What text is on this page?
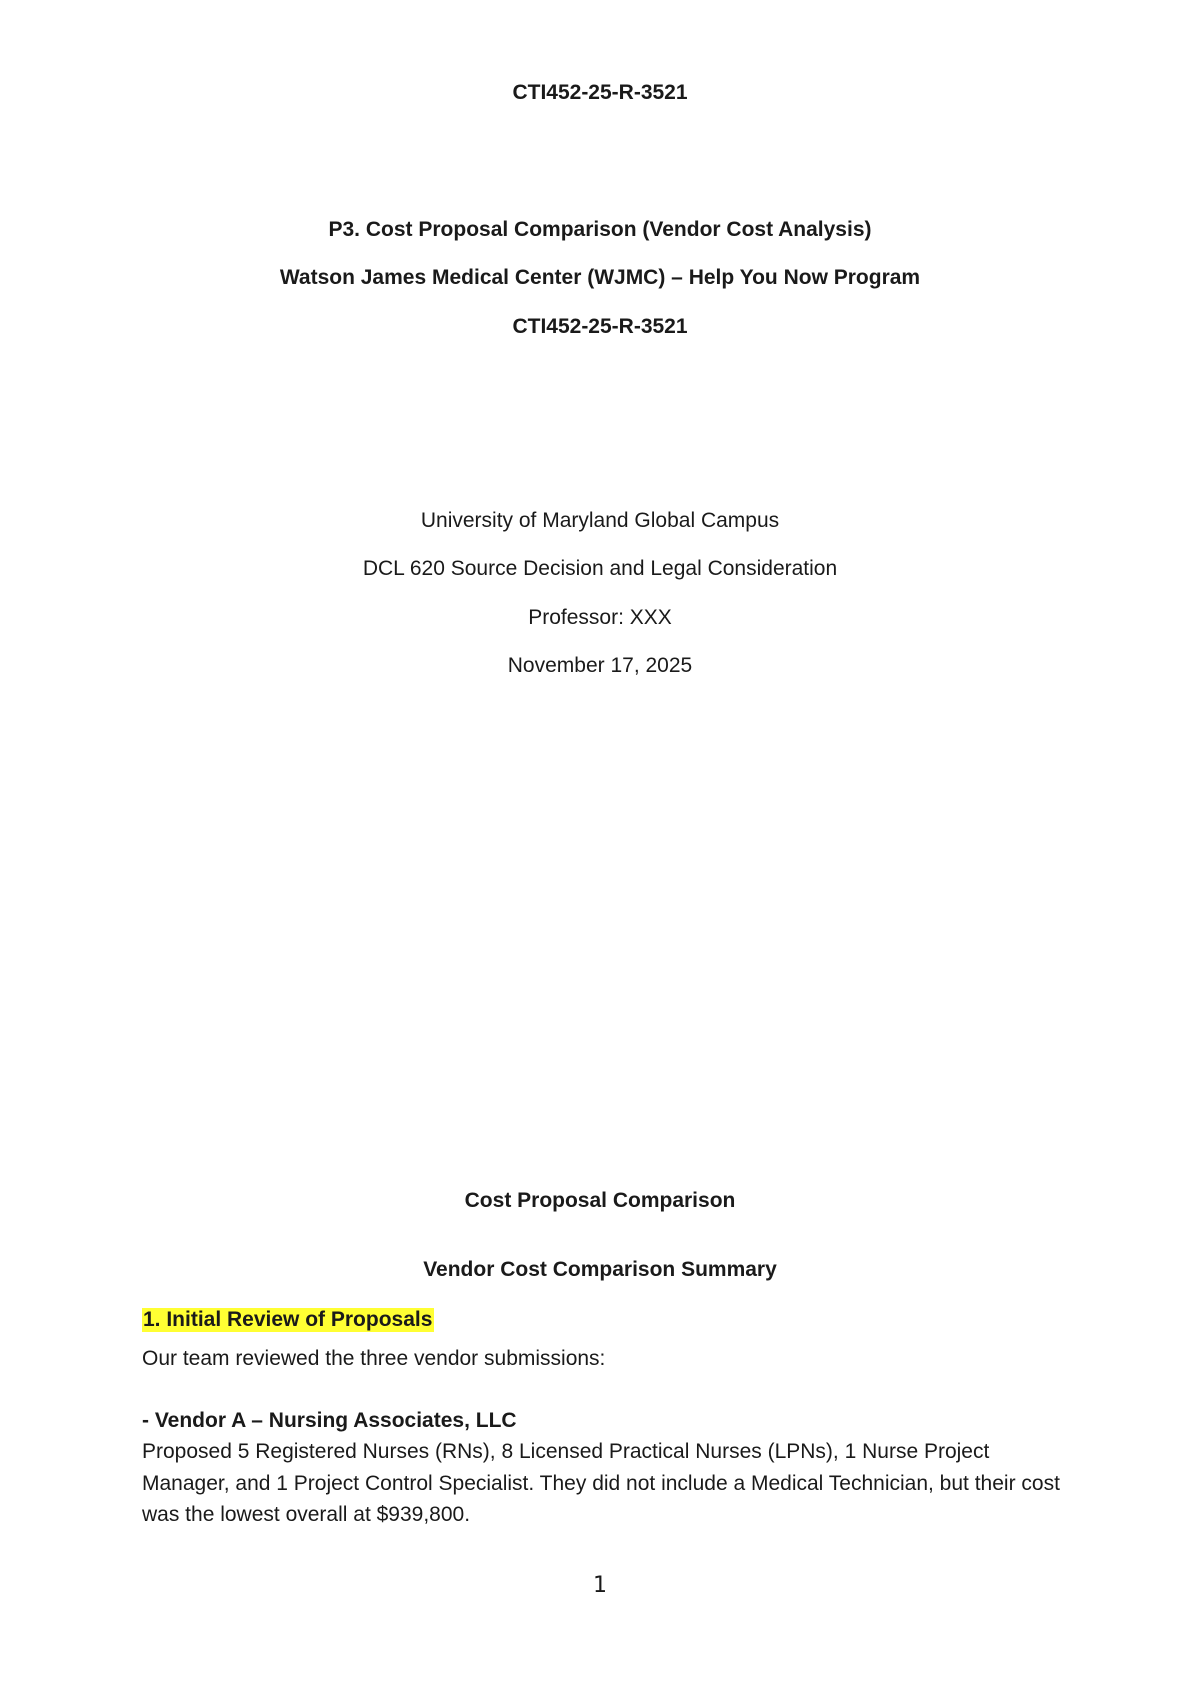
CTI452-25-R-3521
P3. Cost Proposal Comparison (Vendor Cost Analysis)
Watson James Medical Center (WJMC) – Help You Now Program
CTI452-25-R-3521
University of Maryland Global Campus
DCL 620 Source Decision and Legal Consideration
Professor: XXX
November 17, 2025
Cost Proposal Comparison
Vendor Cost Comparison Summary
1. Initial Review of Proposals
Our team reviewed the three vendor submissions:
- Vendor A – Nursing Associates, LLC
Proposed 5 Registered Nurses (RNs), 8 Licensed Practical Nurses (LPNs), 1 Nurse Project Manager, and 1 Project Control Specialist. They did not include a Medical Technician, but their cost was the lowest overall at $939,800.
1
